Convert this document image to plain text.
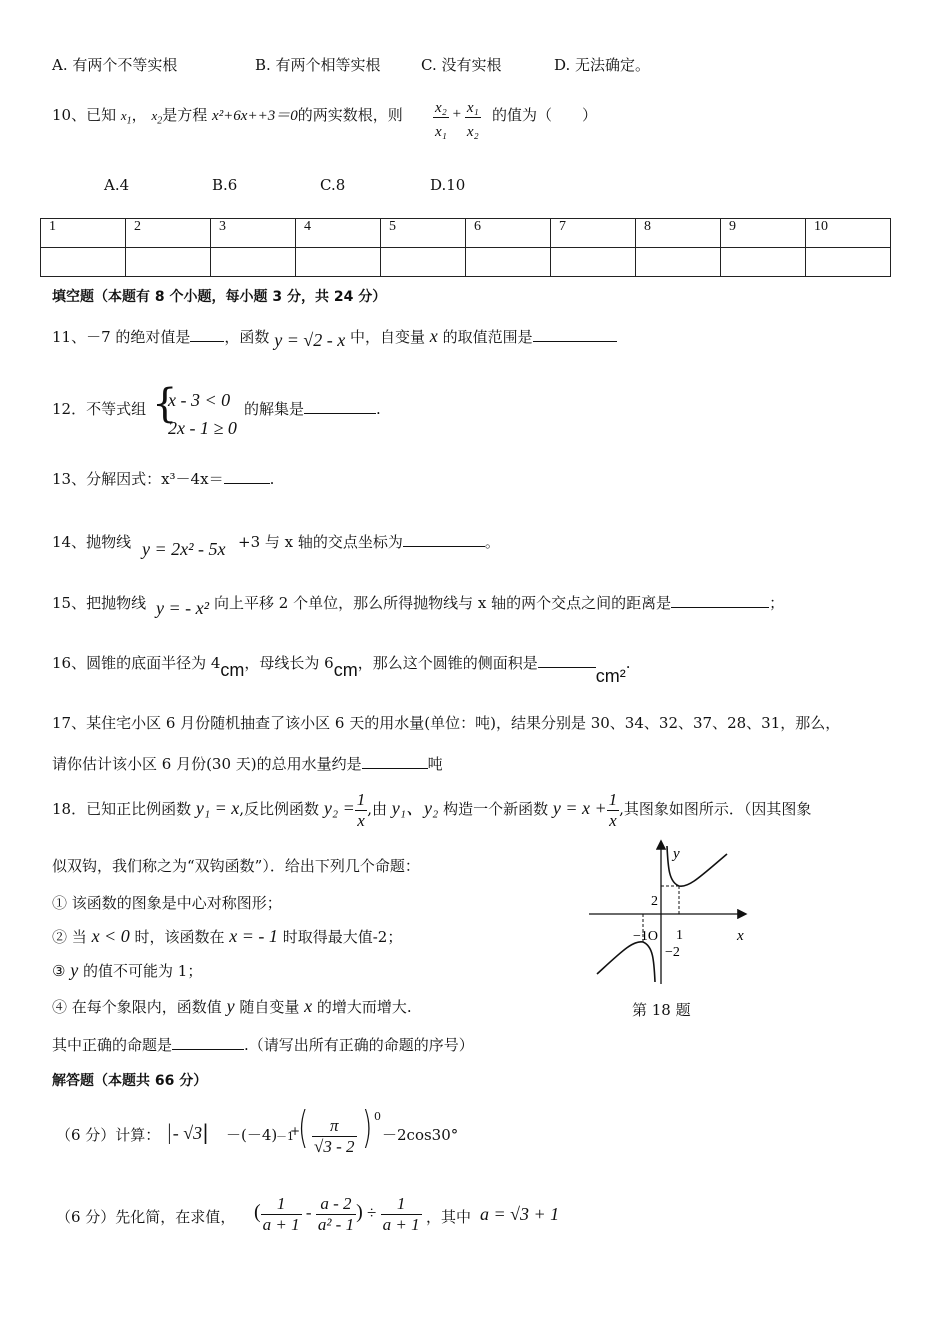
A. 有两个不等实根	B. 有两个相等实根	C. 没有实根	D. 无法确定。
10、已知 $x_1$， $x_2$是方程 x²+6x++3＝0的两实数根，则 $\frac{\text{x₂}}{\text{x₁}} + \frac{\text{x₁}}{\text{x₂}}$ 的值为（　　）
A.4	B.6	C.8	D.10
1	2	3	4	5	6	7	8	9	10

填空题（本题有 8 个小题，每小题 3 分，共 24 分）
11、－7 的绝对值是 ，函数 y = √2 - x 中，自变量 x 的取值范围是
12．不等式组 {
x - 3 < 0
2x - 1 ≥ 0
的解集是	.
13、分解因式：x³－4x＝	.
14、抛物线 y = 2x² - 5x +3 与 x 轴的交点坐标为	。
15、把抛物线 y = - x² 向上平移 2 个单位，那么所得抛物线与 x 轴的两个交点之间的距离是	；
16、圆锥的底面半径为 4cm，母线长为 6cm，那么这个圆锥的侧面积是cm².
17、某住宅小区 6 月份随机抽查了该小区 6 天的用水量(单位：吨)，结果分别是 30、34、32、37、28、31，那么，
请你估计该小区 6 月份(30 天)的总用水量约是	吨
18．已知正比例函数 y₁ = x,反比例函数 $y_2 = \frac{1}{x}$ ,由 y₁、y₂ 构造一个新函数 $y = x + \frac{1}{x}$ ,其图象如图所示．（因其图象
似双钩，我们称之为“双钩函数”）．给出下列几个命题：
① 该函数的图象是中心对称图形；
② 当 x < 0 时，该函数在 x = - 1 时取得最大值-2；
③ y 的值不可能为 1；
④ 在每个象限内，函数值 y 随自变量 x 的增大而增大.
其中正确的命题是	.（请写出所有正确的命题的序号）
y
x
2
−1O 1
−2
第 18 题
解答题（本题共 66 分）
（6 分）计算： |- √3| －(－4)
－1
+
( $\frac{\pi}{√3 - 2}$ ) 0
－2cos30°
（6 分）先化简，在求值， ( $\frac{1}{a + 1} - \frac{a - 2}{\text{a² - 1}}$ ) ÷ $\frac{1}{a + 1}$ ，其中 a = √3 + 1
